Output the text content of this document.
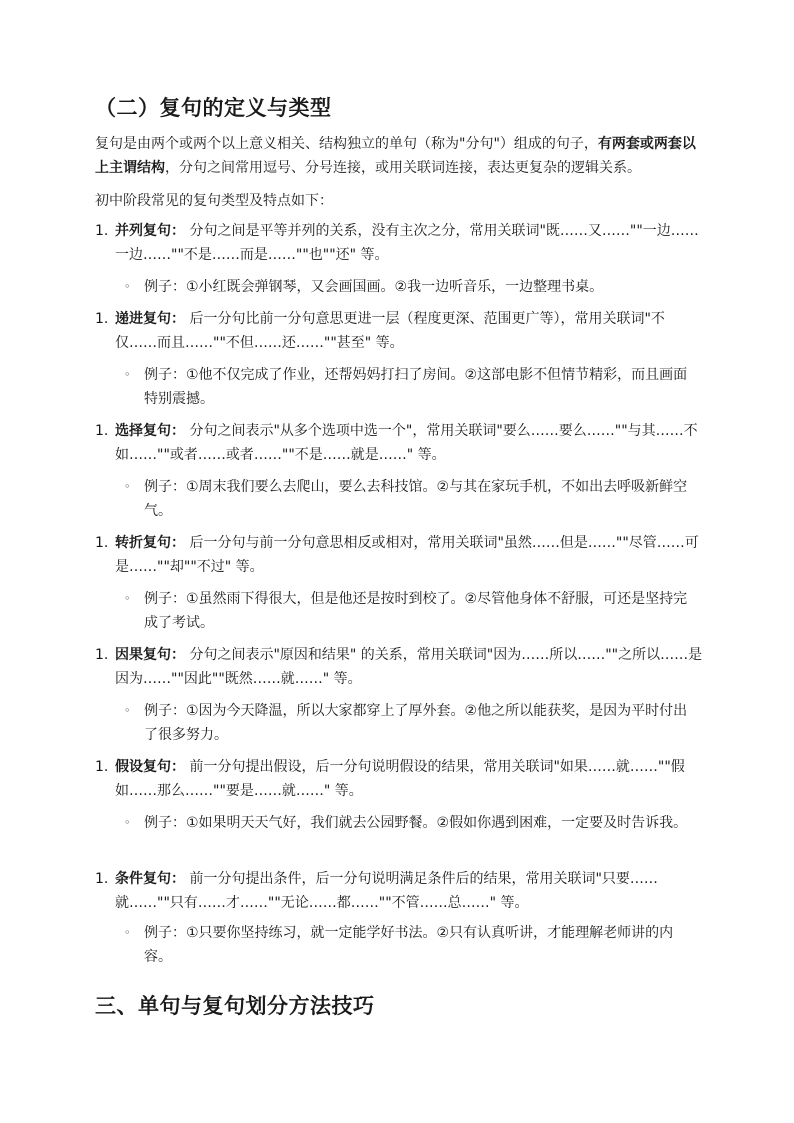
（二）复句的定义与类型
复句是由两个或两个以上意义相关、结构独立的单句（称为"分句"）组成的句子，有两套或两套以上主谓结构，分句之间常用逗号、分号连接，或用关联词连接，表达更复杂的逻辑关系。
初中阶段常见的复句类型及特点如下：
1. 并列复句： 分句之间是平等并列的关系，没有主次之分，常用关联词"既……又……""一边……一边……""不是……而是……""也""还" 等。
◦ 例子：①小红既会弹钢琴，又会画国画。②我一边听音乐，一边整理书桌。
1. 递进复句： 后一分句比前一分句意思更进一层（程度更深、范围更广等），常用关联词"不仅……而且……""不但……还……""甚至" 等。
◦ 例子：①他不仅完成了作业，还帮妈妈打扫了房间。②这部电影不但情节精彩，而且画面特别震撼。
1. 选择复句： 分句之间表示"从多个选项中选一个"，常用关联词"要么……要么……""与其……不如……""或者……或者……""不是……就是……" 等。
◦ 例子：①周末我们要么去爬山，要么去科技馆。②与其在家玩手机，不如出去呼吸新鲜空气。
1. 转折复句： 后一分句与前一分句意思相反或相对，常用关联词"虽然……但是……""尽管……可是……""却""不过" 等。
◦ 例子：①虽然雨下得很大，但是他还是按时到校了。②尽管他身体不舒服，可还是坚持完成了考试。
1. 因果复句： 分句之间表示"原因和结果" 的关系，常用关联词"因为……所以……""之所以……是因为……""因此""既然……就……" 等。
◦ 例子：①因为今天降温，所以大家都穿上了厚外套。②他之所以能获奖，是因为平时付出了很多努力。
1. 假设复句： 前一分句提出假设，后一分句说明假设的结果，常用关联词"如果……就……""假如……那么……""要是……就……" 等。
◦ 例子：①如果明天天气好，我们就去公园野餐。②假如你遇到困难，一定要及时告诉我。
1. 条件复句： 前一分句提出条件，后一分句说明满足条件后的结果，常用关联词"只要……就……""只有……才……""无论……都……""不管……总……" 等。
◦ 例子：①只要你坚持练习，就一定能学好书法。②只有认真听讲，才能理解老师讲的内容。
三、单句与复句划分方法技巧
